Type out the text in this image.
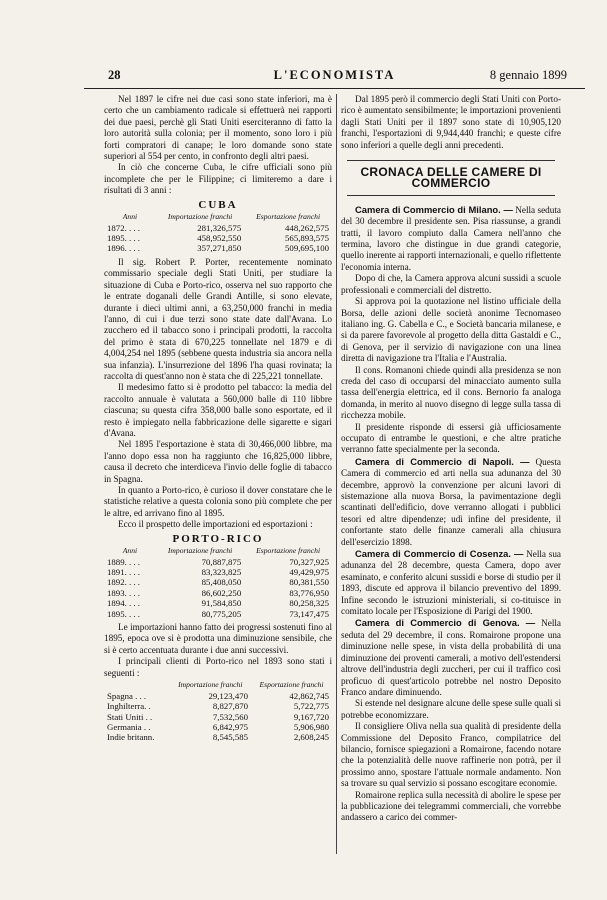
28	L'ECONOMISTA	8 gennaio 1899

Nel 1897 le cifre nei due casi sono state inferiori, ma è certo che un cambiamento radicale si effettuerà nei rapporti dei due paesi, perchè gli Stati Uniti eserciteranno di fatto la loro autorità sulla colonia; per il momento, sono loro i più forti compratori di canape; le loro domande sono state superiori al 554 per cento, in confronto degli altri paesi.

In ciò che concerne Cuba, le cifre ufficiali sono più incomplete che per le Filippine; ci limiteremo a dare i risultati di 3 anni :

CUBA
Anni	Importazione franchi	Esportazione franchi
1872. . . .	281,326,575	448,262,575
1895. . . .	458,952,550	565,893,575
1896. . . .	357,271,850	509,695,100

Il sig. Robert P. Porter, recentemente nominato commissario speciale degli Stati Uniti, per studiare la situazione di Cuba e Porto-rico, osserva nel suo rapporto che le entrate doganali delle Grandi Antille, si sono elevate, durante i dieci ultimi anni, a 63,250,000 franchi in media l'anno, di cui i due terzi sono state date dall'Avana. Lo zucchero ed il tabacco sono i principali prodotti, la raccolta del primo è stata di 670,225 tonnellate nel 1879 e di 4,004,254 nel 1895 (sebbene questa industria sia ancora nella sua infanzia). L'insurrezione del 1896 l'ha quasi rovinata; la raccolta di quest'anno non è stata che di 225,221 tonnellate.

Il medesimo fatto si è prodotto pel tabacco: la media del raccolto annuale è valutata a 560,000 balle di 110 libbre ciascuna; su questa cifra 358,000 balle sono esportate, ed il resto è impiegato nella fabbricazione delle sigarette e sigari d'Avana.

Nel 1895 l'esportazione è stata di 30,466,000 libbre, ma l'anno dopo essa non ha raggiunto che 16,825,000 libbre, causa il decreto che interdiceva l'invio delle foglie di tabacco in Spagna.

In quanto a Porto-rico, è curioso il dover constatare che le statistiche relative a questa colonia sono più complete che per le altre, ed arrivano fino al 1895.

Ecco il prospetto delle importazioni ed esportazioni :

PORTO-RICO
Anni	Importazione franchi	Esportazione franchi
1889. . . .	70,887,875	70,327,925
1891. . . .	83,323,825	49,429,975
1892. . . .	85,408,050	80,381,550
1893. . . .	86,602,250	83,776,950
1894. . . .	91,584,850	80,258,325
1895. . . .	80,775,205	73,147,475

Le importazioni hanno fatto dei progressi sostenuti fino al 1895, epoca ove si è prodotta una diminuzione sensibile, che si è certo accentuata durante i due anni successivi.

I principali clienti di Porto-rico nel 1893 sono stati i seguenti :

	Importazione franchi	Esportazione franchi
Spagna . . .	29,123,470	42,862,745
Inghilterra. .	8,827,870	5,722,775
Stati Uniti . .	7,532,560	9,167,720
Germania . .	6,842,975	5,906,980
Indie britann.	8,545,585	2,608,245

Dal 1895 però il commercio degli Stati Uniti con Porto-rico è aumentato sensibilmente; le importazioni provenienti dagli Stati Uniti per il 1897 sono state di 10,905,120 franchi, l'esportazioni di 9,944,440 franchi; e queste cifre sono inferiori a quelle degli anni precedenti.

CRONACA DELLE CAMERE DI COMMERCIO

Camera di Commercio di Milano. — Nella seduta del 30 decembre il presidente sen. Pisa riassunse, a grandi tratti, il lavoro compiuto dalla Camera nell'anno che termina, lavoro che distingue in due grandi categorie, quello inerente ai rapporti internazionali, e quello riflettente l'economia interna.

Dopo di che, la Camera approva alcuni sussidi a scuole professionali e commerciali del distretto.

Si approva poi la quotazione nel listino ufficiale della Borsa, delle azioni delle società anonime Tecnomaseo italiano ing. G. Cabella e C., e Società bancaria milanese, e si da parere favorevole al progetto della ditta Gastaldi e C., di Genova, per il servizio di navigazione con una linea diretta di navigazione tra l'Italia e l'Australia.

Il cons. Romanoni chiede quindi alla presidenza se non creda del caso di occuparsi del minacciato aumento sulla tassa dell'energia elettrica, ed il cons. Bernorio fa analoga domanda, in merito al nuovo disegno di legge sulla tassa di ricchezza mobile.

Il presidente risponde di essersi già ufficiosamente occupato di entrambe le questioni, e che altre pratiche verranno fatte specialmente per la seconda.

Camera di Commercio di Napoli. — Questa Camera di commercio ed arti nella sua adunanza del 30 decembre, approvò la convenzione per alcuni lavori di sistemazione alla nuova Borsa, la pavimentazione degli scantinati dell'edificio, dove verranno allogati i pubblici tesori ed altre dipendenze; udì infine del presidente, il confortante stato delle finanze camerali alla chiusura dell'esercizio 1898.

Camera di Commercio di Cosenza. — Nella sua adunanza del 28 decembre, questa Camera, dopo aver esaminato, e conferito alcuni sussidi e borse di studio per il 1893, discute ed approva il bilancio preventivo del 1899. Infine secondo le istruzioni ministeriali, si co-tituisce in comitato locale per l'Esposizione di Parigi del 1900.

Camera di Commercio di Genova. — Nella seduta del 29 decembre, il cons. Romairone propone una diminuzione nelle spese, in vista della probabilità di una diminuzione dei proventi camerali, a motivo dell'estendersi altrove dell'industria degli zuccheri, per cui il traffico così proficuo di quest'articolo potrebbe nel nostro Deposito Franco andare diminuendo.

Si estende nel designare alcune delle spese sulle quali si potrebbe economizzare.

Il consigliere Oliva nella sua qualità di presidente della Commissione del Deposito Franco, compilatrice del bilancio, fornisce spiegazioni a Romairone, facendo notare che la potenzialità delle nuove raffinerie non potrà, per il prossimo anno, spostare l'attuale normale andamento. Non sa trovare su qual servizio si possano escogitare economie.

Romairone replica sulla necessità di abolire le spese per la pubblicazione dei telegrammi commerciali, che vorrebbe andassero a carico dei commer-
